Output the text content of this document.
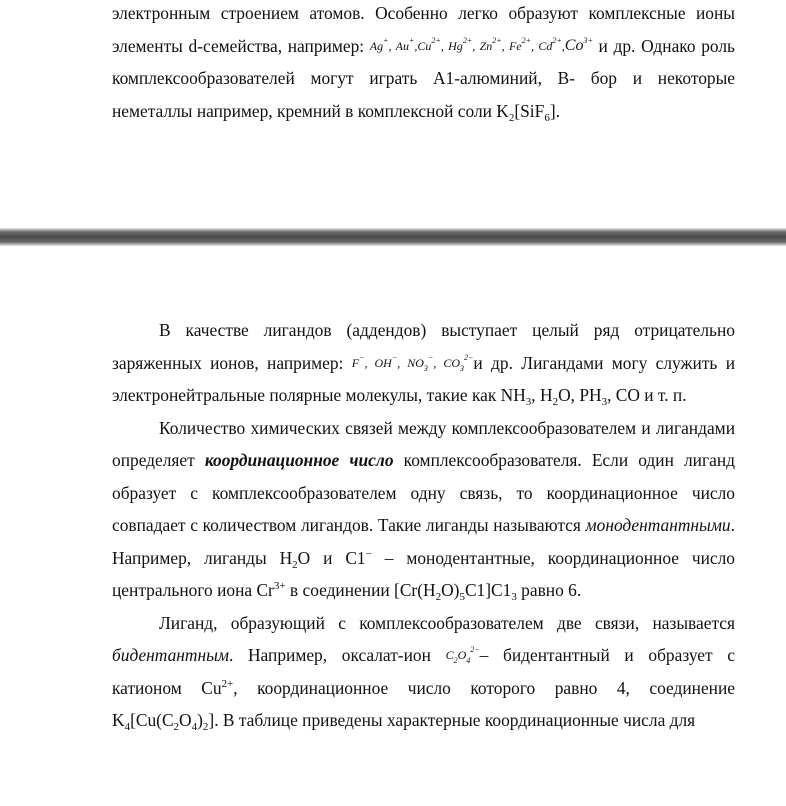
электронным строением атомов. Особенно легко образуют комплексные ионы элементы d-семейства, например: Ag+, $Au^+,Cu^{2+}$, $Hg^{2+}$, $Zn^{2+}$, $Fe^{2+}$, $Cd^{2+},Co^{3+}$ и др. Однако роль комплексообразователей могут играть А1-алюминий, В- бор и некоторые неметаллы например, кремний в комплексной соли $K_2[SiF_6]$.

В качестве лигандов (аддендов) выступает целый ряд отрицательно заряженных ионов, например: F−, OH−, $NO_3^-$, $CO_3^{2-}и$ др. Лигандами могу служить и электронейтральные полярные молекулы, такие как $NH_3$, $H_2O$, $PH_3$, CO и т. п.

Количество химических связей между комплексообразователем и лигандами определяет координационное число комплексообразователя. Если один лиганд образует с комплексообразователем одну связь, то координационное число совпадает с количеством лигандов. Такие лиганды называются монодентантными. Например, лиганды $H_2O$ и C1− – монодентантные, координационное число центрального иона $Cr^{3+}$ в соединении $[Cr(H_2O)_5C1]C1_3$ равно 6.

Лиганд, образующий с комплексообразователем две связи, называется бидентантным. Например, оксалат-ион $C_2O_4^{2-}-$ бидентантный и образует с катионом $Cu^{2+}$, координационное число которого равно 4, соединение $K_4[Cu(C_2O_4)_2]$. В таблице приведены характерные координационные числа для
